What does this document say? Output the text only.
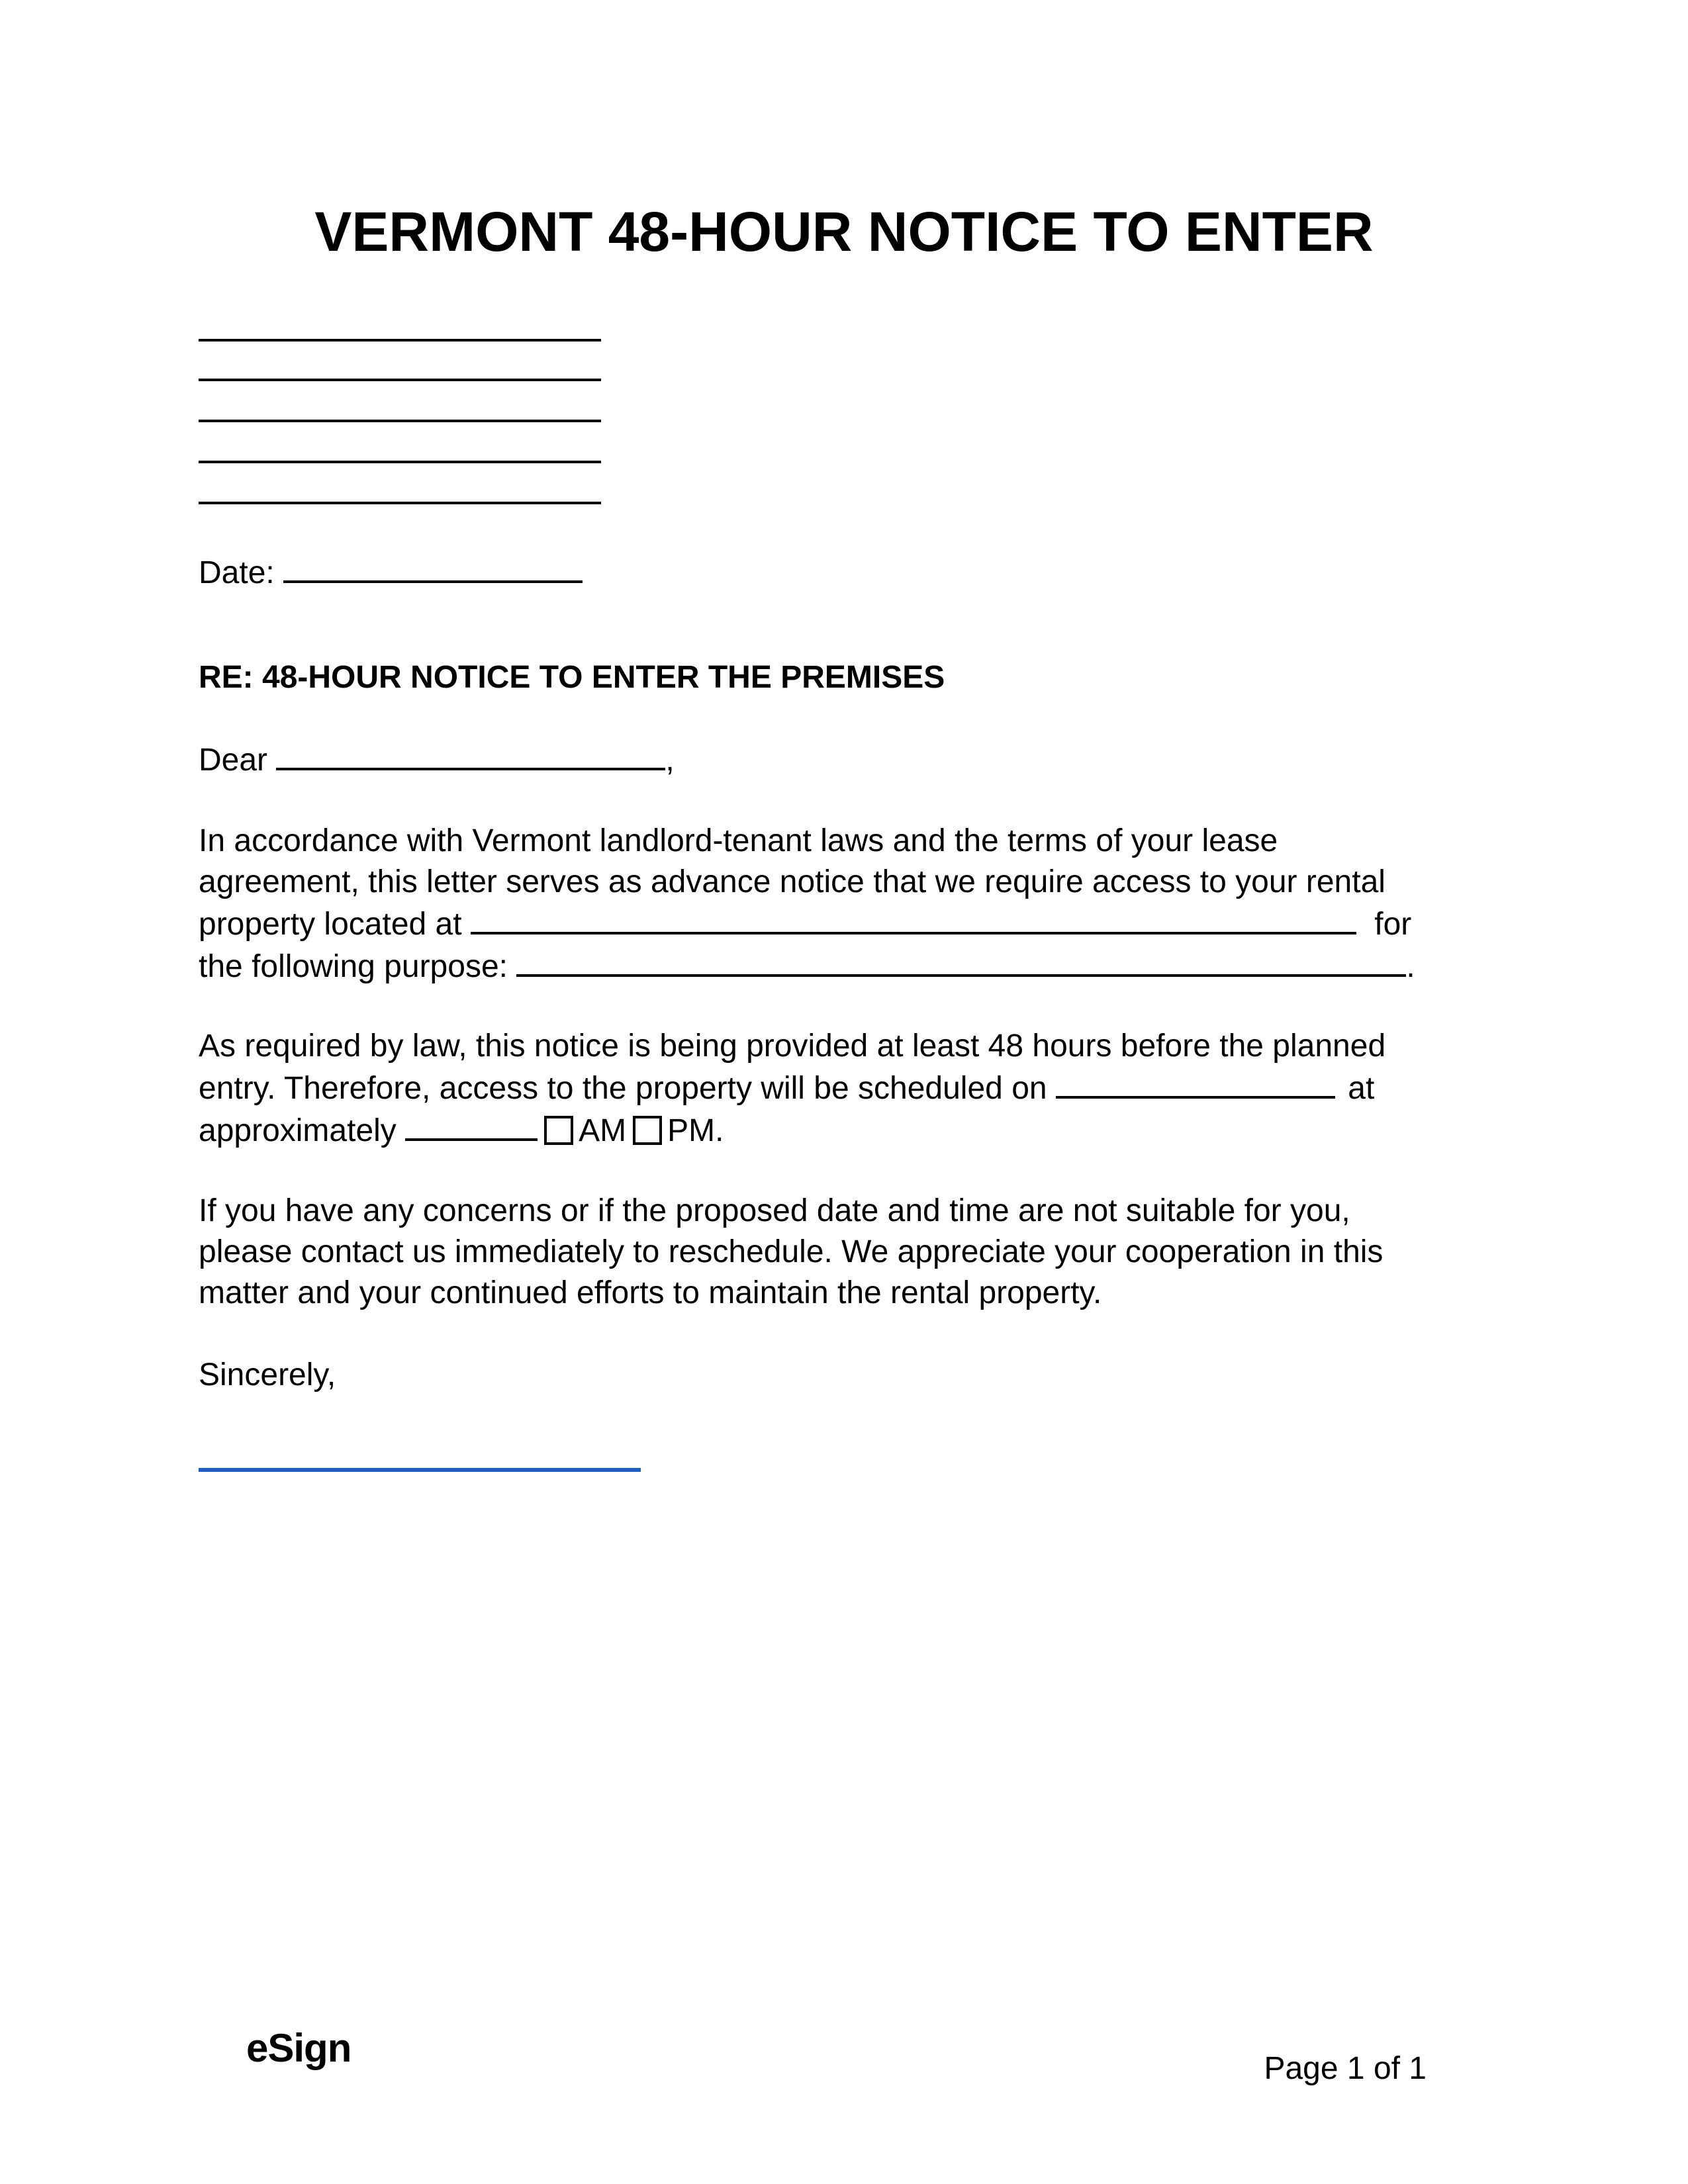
VERMONT 48-HOUR NOTICE TO ENTER

Date:

RE: 48-HOUR NOTICE TO ENTER THE PREMISES

Dear	,

In accordance with Vermont landlord-tenant laws and the terms of your lease
agreement, this letter serves as advance notice that we require access to your rental
property located at	for
the following purpose:	.
As required by law, this notice is being provided at least 48 hours before the planned
entry. Therefore, access to the property will be scheduled on	at
approximately	AM PM.
If you have any concerns or if the proposed date and time are not suitable for you,
please contact us immediately to reschedule. We appreciate your cooperation in this
matter and your continued efforts to maintain the rental property.

Sincerely,

eSign	Page 1 of 1
